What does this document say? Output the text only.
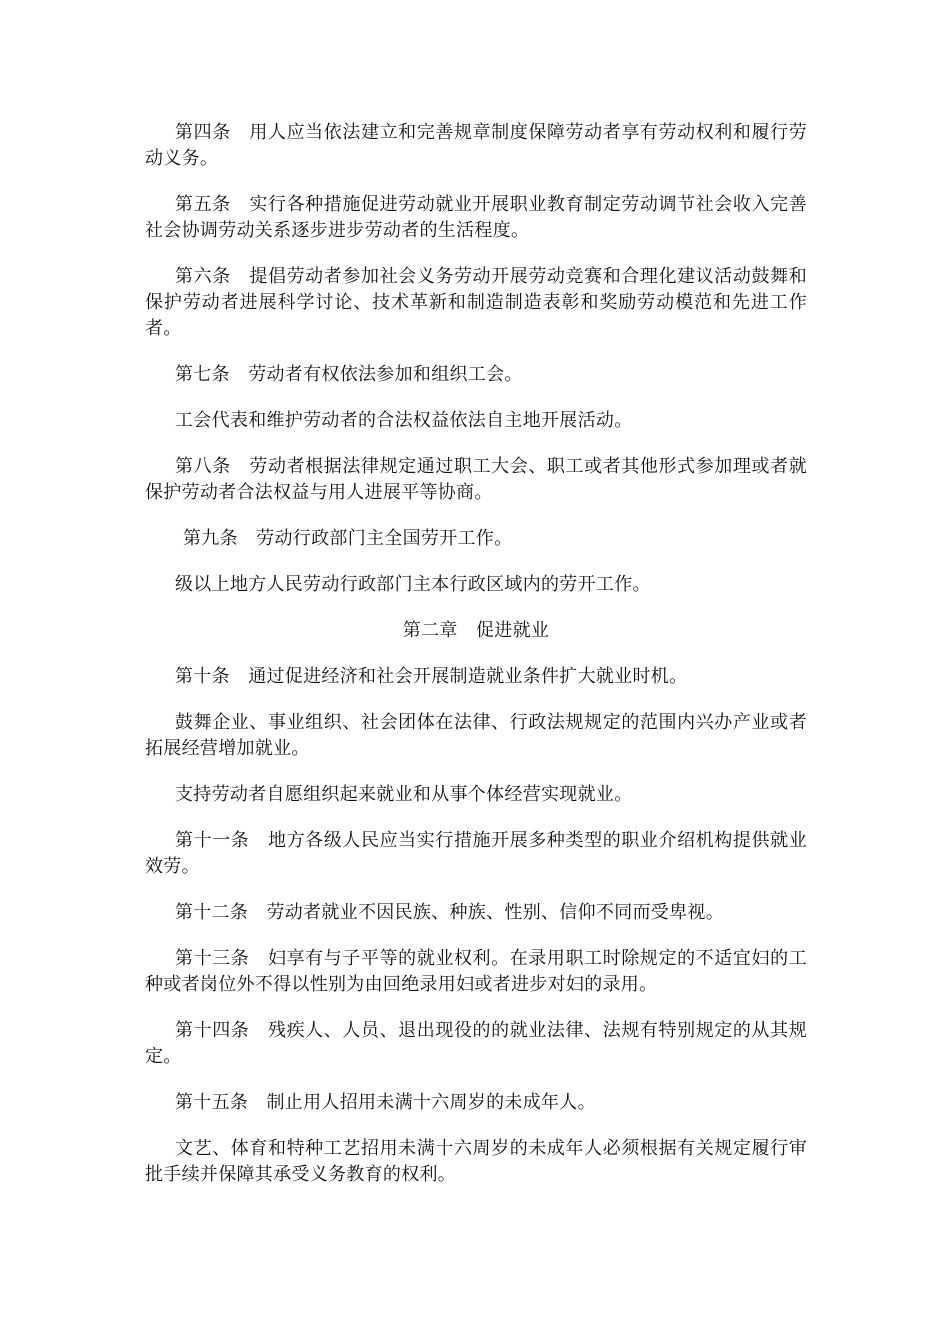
第四条　用人应当依法建立和完善规章制度保障劳动者享有劳动权利和履行劳动义务。

第五条　实行各种措施促进劳动就业开展职业教育制定劳动调节社会收入完善社会协调劳动关系逐步进步劳动者的生活程度。

第六条　提倡劳动者参加社会义务劳动开展劳动竞赛和合理化建议活动鼓舞和保护劳动者进展科学讨论、技术革新和制造制造表彰和奖励劳动模范和先进工作者。

第七条　劳动者有权依法参加和组织工会。

工会代表和维护劳动者的合法权益依法自主地开展活动。

第八条　劳动者根据法律规定通过职工大会、职工或者其他形式参加理或者就保护劳动者合法权益与用人进展平等协商。

第九条　劳动行政部门主全国劳开工作。

级以上地方人民劳动行政部门主本行政区域内的劳开工作。

第二章　促进就业

第十条　通过促进经济和社会开展制造就业条件扩大就业时机。

鼓舞企业、事业组织、社会团体在法律、行政法规规定的范围内兴办产业或者拓展经营增加就业。

支持劳动者自愿组织起来就业和从事个体经营实现就业。

第十一条　地方各级人民应当实行措施开展多种类型的职业介绍机构提供就业效劳。

第十二条　劳动者就业不因民族、种族、性别、信仰不同而受卑视。

第十三条　妇享有与子平等的就业权利。在录用职工时除规定的不适宜妇的工种或者岗位外不得以性别为由回绝录用妇或者进步对妇的录用。

第十四条　残疾人、人员、退出现役的的就业法律、法规有特别规定的从其规定。

第十五条　制止用人招用未满十六周岁的未成年人。

文艺、体育和特种工艺招用未满十六周岁的未成年人必须根据有关规定履行审批手续并保障其承受义务教育的权利。
